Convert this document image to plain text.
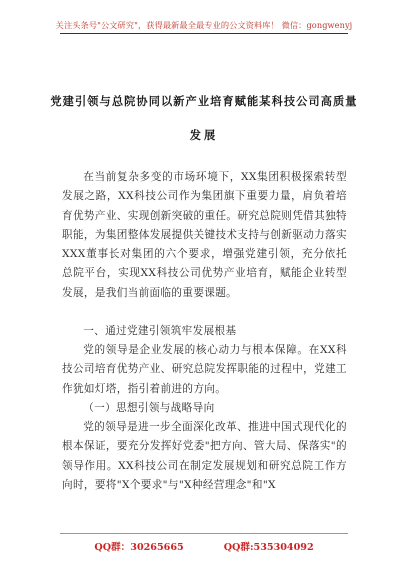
关注头条号"公文研究"，获得最新最全最专业的公文资料库！ 微信：gongwenyj
党建引领与总院协同以新产业培育赋能某科技公司高质量
发展

在当前复杂多变的市场环境下，XX集团积极探索转型发展之路，XX科技公司作为集团旗下重要力量，肩负着培育优势产业、实现创新突破的重任。研究总院则凭借其独特职能，为集团整体发展提供关键技术支持与创新驱动力落实XXX董事长对集团的六个要求，增强党建引领，充分依托总院平台，实现XX科技公司优势产业培育，赋能企业转型发展，是我们当前面临的重要课题。

一、通过党建引领筑牢发展根基

党的领导是企业发展的核心动力与根本保障。在XX科技公司培育优势产业、研究总院发挥职能的过程中，党建工作犹如灯塔，指引着前进的方向。

（一）思想引领与战略导向

党的领导是进一步全面深化改革、推进中国式现代化的根本保证，要充分发挥好党委"把方向、管大局、保落实"的领导作用。XX科技公司在制定发展规划和研究总院工作方向时，要将"X个要求"与"X种经营理念"和"X

QQ群：30265665	QQ群:535304092
